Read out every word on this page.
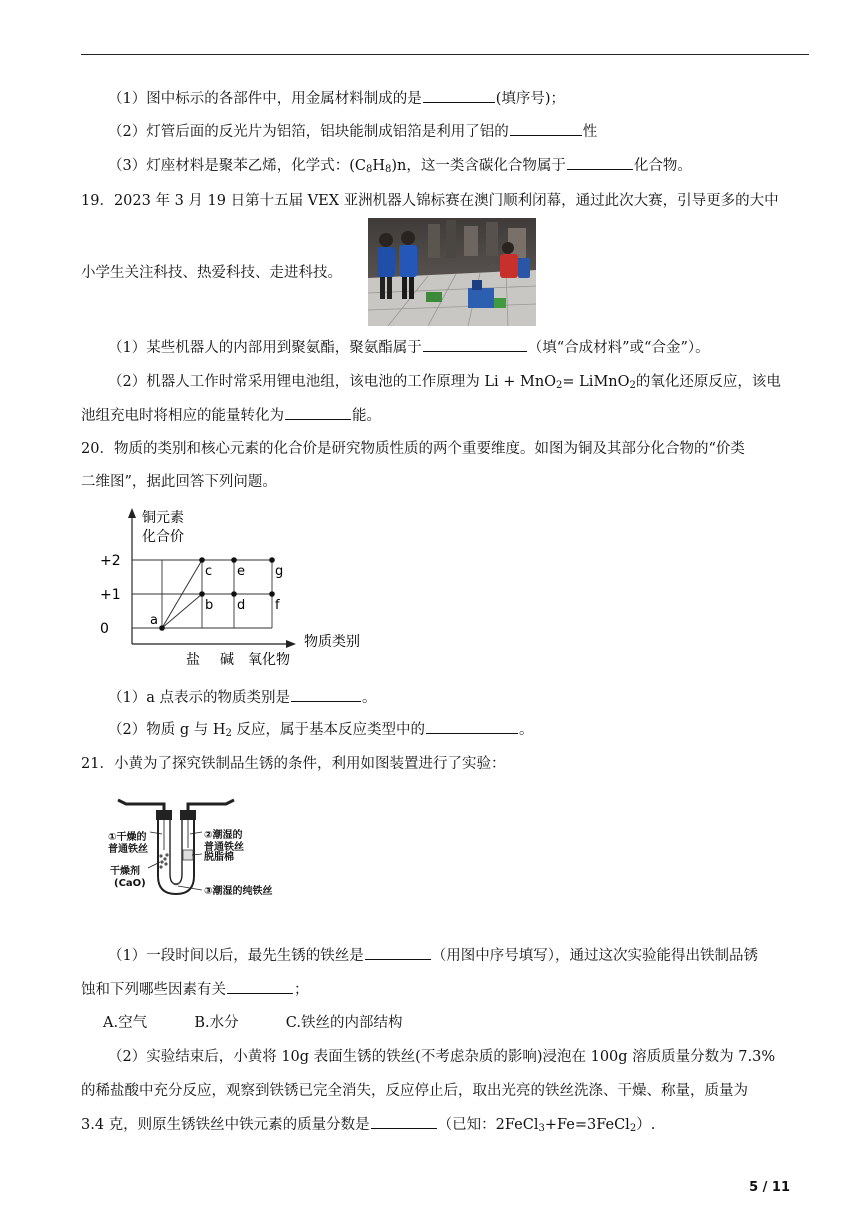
（1）图中标示的各部件中，用金属材料制成的是	(填序号)；
（2）灯管后面的反光片为铝箔，铝块能制成铝箔是利用了铝的	性
（3）灯座材料是聚苯乙烯，化学式：$(C_8H_8)n$，这一类含碳化合物属于	化合物。
19．2023 年 3 月 19 日第十五届 VEX 亚洲机器人锦标赛在澳门顺利闭幕，通过此次大赛，引导更多的大中
小学生关注科技、热爱科技、走进科技。
（1）某些机器人的内部用到聚氨酯，聚氨酯属于	（填“合成材料”或“合金”）。
（2）机器人工作时常采用锂电池组，该电池的工作原理为 Li + MnO$_2$= LiMnO$_2$的氧化还原反应，该电
池组充电时将相应的能量转化为	能。
20．物质的类别和核心元素的化合价是研究物质性质的两个重要维度。如图为铜及其部分化合物的“价类
二维图”，据此回答下列问题。
a
b
c
d
e
f
g
铜元素
化合价
物质类别
+2
+1
0
盐 碱 氧化物
（1）a 点表示的物质类别是	。
（2）物质 g 与 $H_2$ 反应，属于基本反应类型中的	。
21．小黄为了探究铁制品生锈的条件，利用如图装置进行了实验：
①干燥的
普通铁丝
②潮湿的
普通铁丝
干燥剂
(CaO)
脱脂棉
③潮湿的纯铁丝
（1）一段时间以后，最先生锈的铁丝是	（用图中序号填写），通过这次实验能得出铁制品锈
蚀和下列哪些因素有关	；
A.空气	B.水分	C.铁丝的内部结构
（2）实验结束后，小黄将 10g 表面生锈的铁丝(不考虑杂质的影响)浸泡在 100g 溶质质量分数为 7.3%
的稀盐酸中充分反应，观察到铁锈已完全消失，反应停止后，取出光亮的铁丝洗涤、干燥、称量，质量为
3.4 克，则原生锈铁丝中铁元素的质量分数是	（已知：2FeCl$_3$+Fe=3FeCl$_2$）.
5 / 11
